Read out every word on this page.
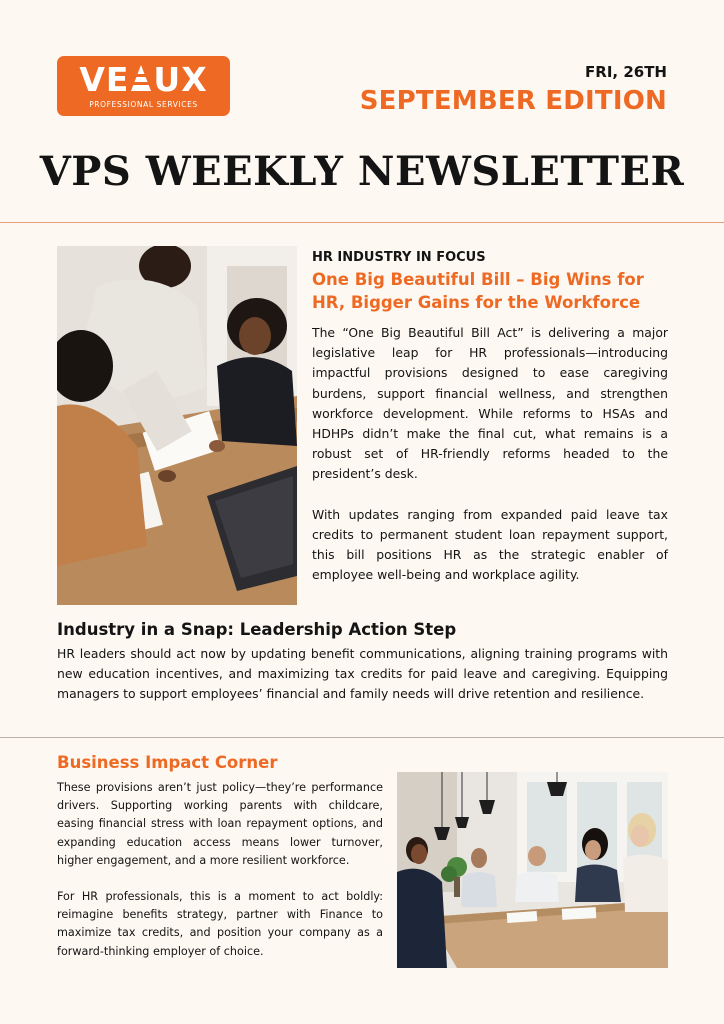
VE UX
PROFESSIONAL SERVICES
FRI, 26TH
SEPTEMBER EDITION
VPS WEEKLY NEWSLETTER
HR INDUSTRY IN FOCUS
One Big Beautiful Bill – Big Wins for HR, Bigger Gains for the Workforce

The “One Big Beautiful Bill Act” is delivering a major legislative leap for HR professionals—introducing impactful provisions designed to ease caregiving burdens, support financial wellness, and strengthen workforce development. While reforms to HSAs and HDHPs didn’t make the final cut, what remains is a robust set of HR-friendly reforms headed to the president’s desk.

With updates ranging from expanded paid leave tax credits to permanent student loan repayment support, this bill positions HR as the strategic enabler of employee well-being and workplace agility.

Industry in a Snap: Leadership Action Step
HR leaders should act now by updating benefit communications, aligning training programs with new education incentives, and maximizing tax credits for paid leave and caregiving. Equipping managers to support employees’ financial and family needs will drive retention and resilience.
Business Impact Corner

These provisions aren’t just policy—they’re performance drivers. Supporting working parents with childcare, easing financial stress with loan repayment options, and expanding education access means lower turnover, higher engagement, and a more resilient workforce.

For HR professionals, this is a moment to act boldly: reimagine benefits strategy, partner with Finance to maximize tax credits, and position your company as a forward-thinking employer of choice.
